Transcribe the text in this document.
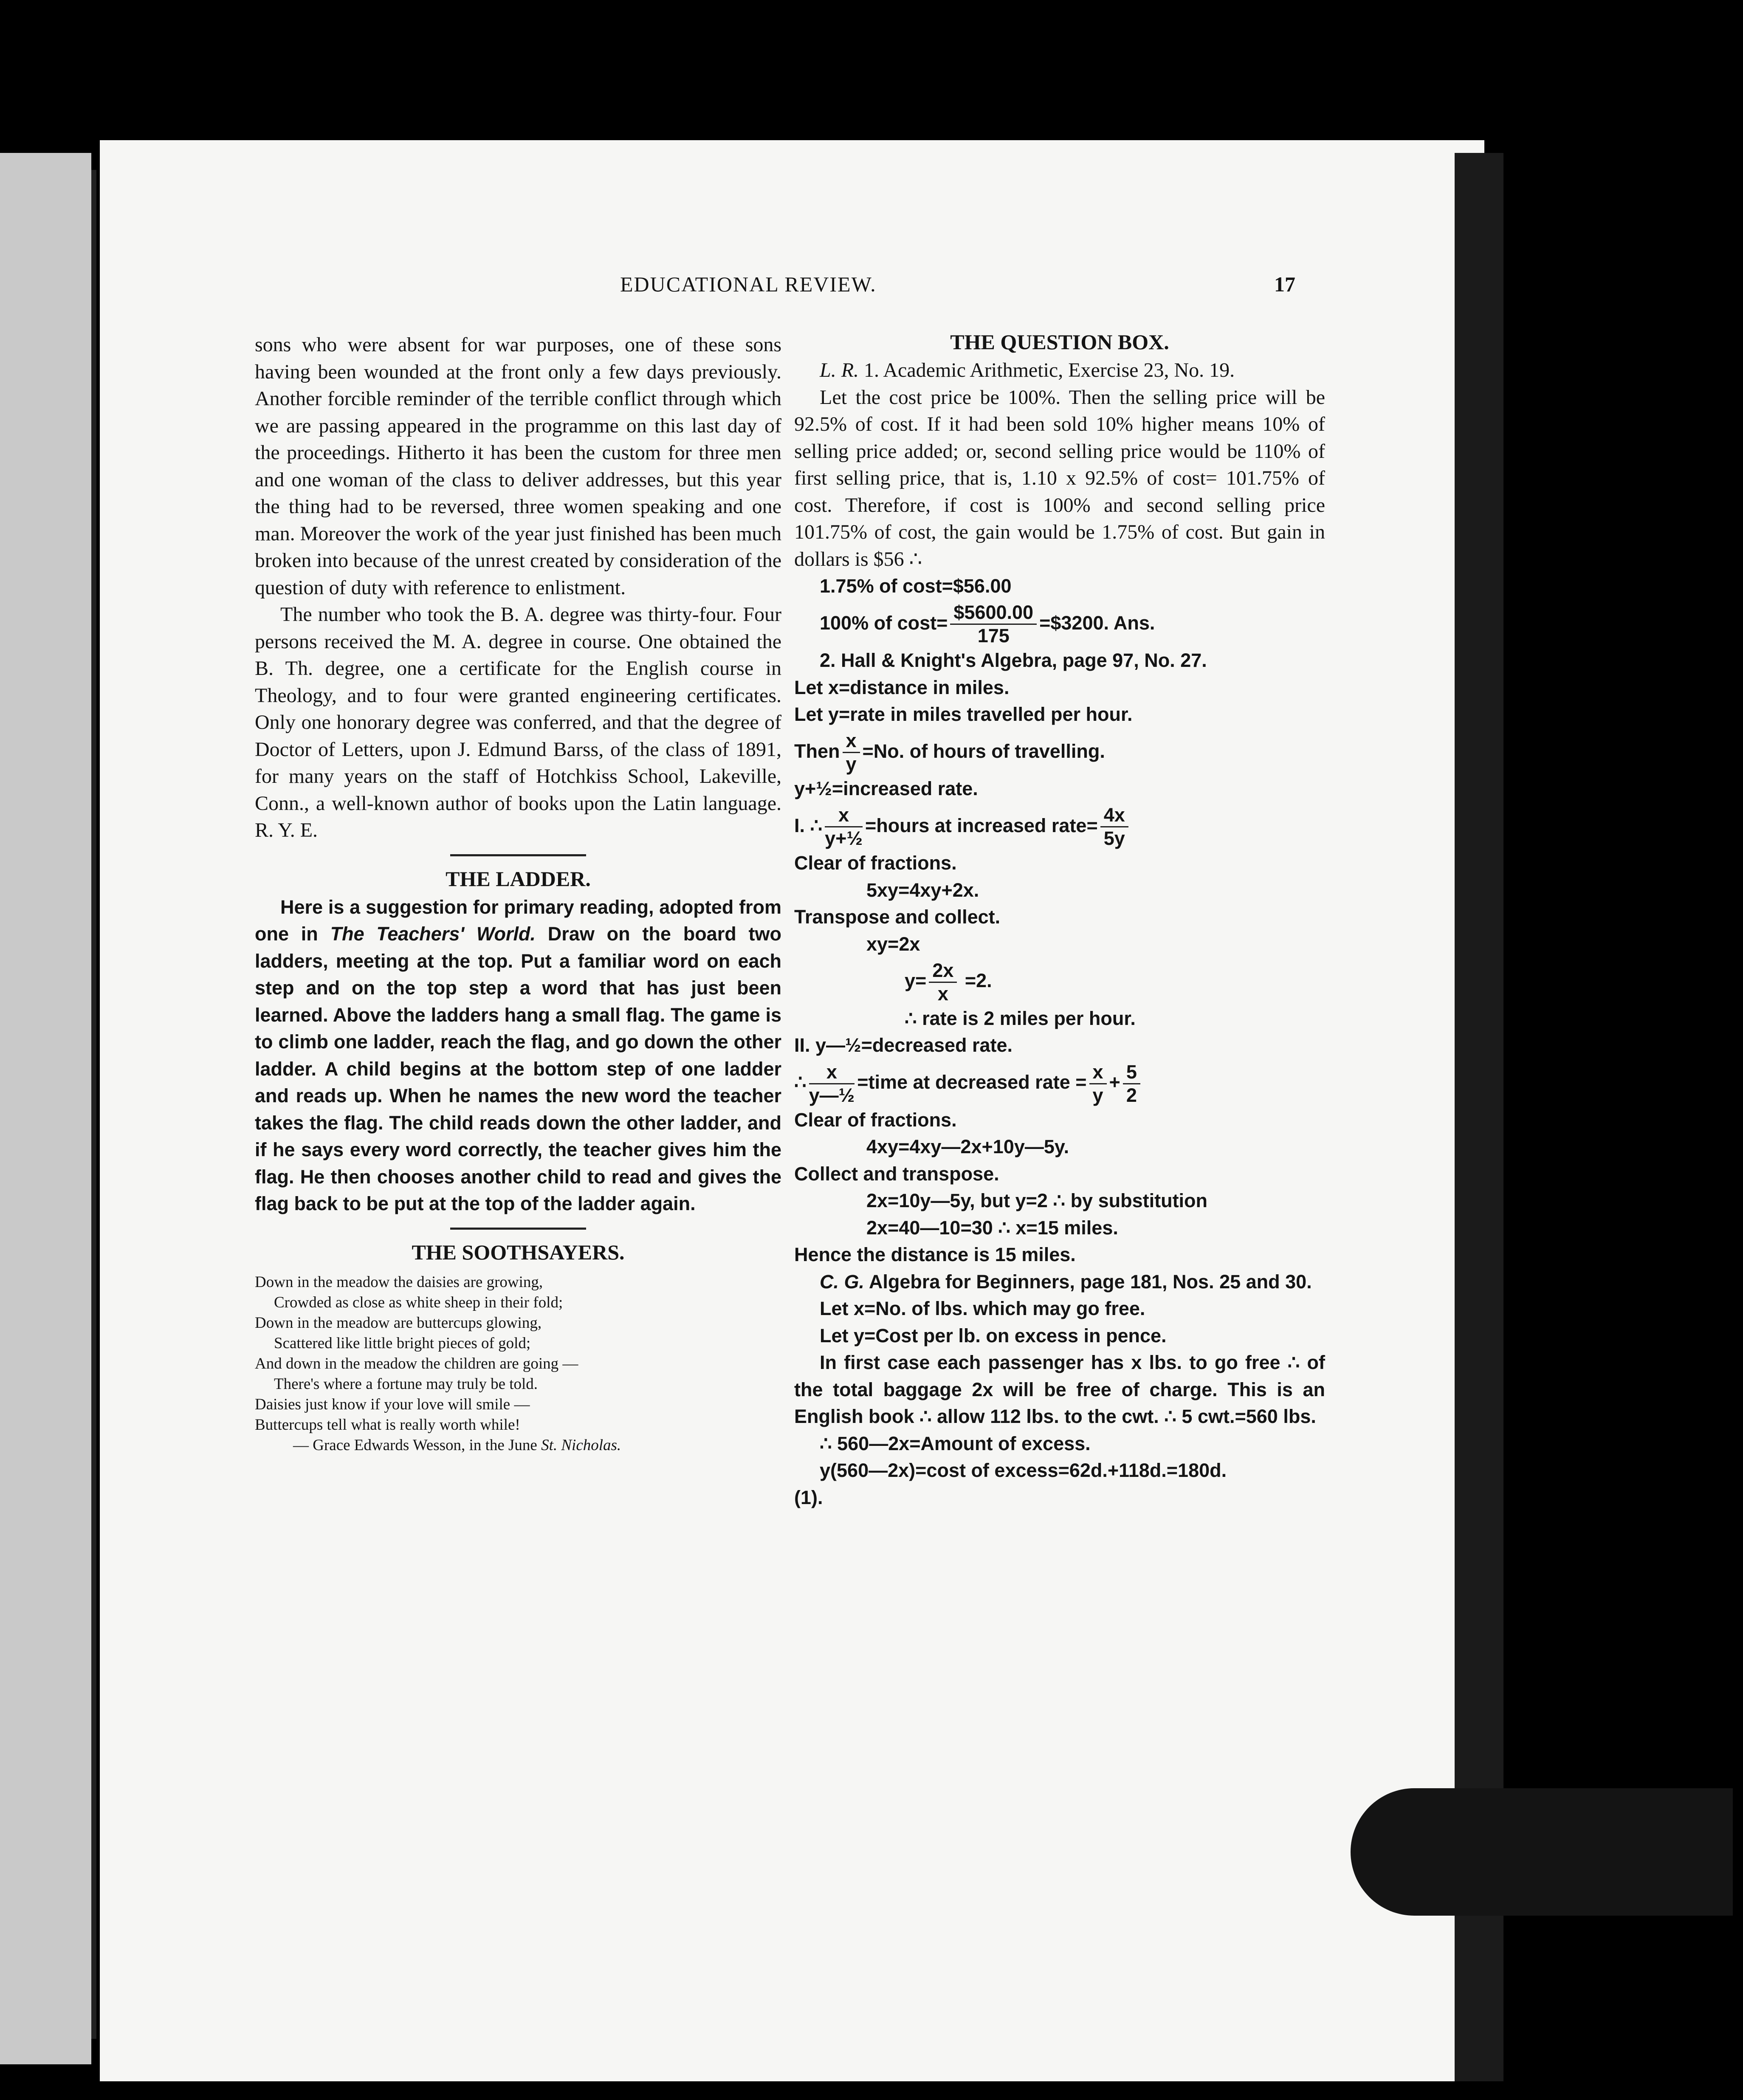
EDUCATIONAL REVIEW.	17

sons who were absent for war purposes, one of these sons having been wounded at the front only a few days previously. Another forcible reminder of the terrible conflict through which we are passing appeared in the programme on this last day of the proceedings. Hitherto it has been the custom for three men and one woman of the class to deliver addresses, but this year the thing had to be reversed, three women speaking and one man. Moreover the work of the year just finished has been much broken into because of the unrest created by consideration of the question of duty with reference to enlistment.

The number who took the B. A. degree was thirty-four. Four persons received the M. A. degree in course. One obtained the B. Th. degree, one a certificate for the English course in Theology, and to four were granted engineering certificates. Only one honorary degree was conferred, and that the degree of Doctor of Letters, upon J. Edmund Barss, of the class of 1891, for many years on the staff of Hotchkiss School, Lakeville, Conn., a well-known author of books upon the Latin language. R. Y. E.

THE LADDER.

Here is a suggestion for primary reading, adopted from one in The Teachers' World. Draw on the board two ladders, meeting at the top. Put a familiar word on each step and on the top step a word that has just been learned. Above the ladders hang a small flag. The game is to climb one ladder, reach the flag, and go down the other ladder. A child begins at the bottom step of one ladder and reads up. When he names the new word the teacher takes the flag. The child reads down the other ladder, and if he says every word correctly, the teacher gives him the flag. He then chooses another child to read and gives the flag back to be put at the top of the ladder again.

THE SOOTHSAYERS.
Down in the meadow the daisies are growing,
Crowded as close as white sheep in their fold;
Down in the meadow are buttercups glowing,
Scattered like little bright pieces of gold;
And down in the meadow the children are going —
There's where a fortune may truly be told.
Daisies just know if your love will smile —
Buttercups tell what is really worth while!
— Grace Edwards Wesson, in the June St. Nicholas.
THE QUESTION BOX.

L. R. 1. Academic Arithmetic, Exercise 23, No. 19.

Let the cost price be 100%. Then the selling price will be 92.5% of cost. If it had been sold 10% higher means 10% of selling price added; or, second selling price would be 110% of first selling price, that is, 1.10 x 92.5% of cost= 101.75% of cost. Therefore, if cost is 100% and second selling price 101.75% of cost, the gain would be 1.75% of cost. But gain in dollars is $56 ∴

1.75% of cost=$56.00
100% of $\cos t= \frac{\$5600.00}{175}$ =$3200. Ans.
2. Hall & Knight's Algebra, page 97, No. 27.
Let x=distance in miles.
Let y=rate in miles travelled per hour.
Then $\frac{x}{y} =No$. of hours of travelling.
y+½=increased rate.
I. ∴ $\frac{x}{\text{y+½}}$ =hours at increased rate= $\frac{4x}{5y}$
Clear of fractions.
5xy=4xy+2x.
Transpose and collect.
xy=2x
$y= \frac{2x}{x} =2$.
∴ rate is 2 miles per hour.
II. y—½=decreased rate.
∴ $\frac{x}{\text{y—½}}$ =time at decreased rate = $\frac{x}{y} + \frac{5}{2}$
Clear of fractions.
4xy=4xy—2x+10y—5y.
Collect and transpose.
2x=10y—5y, but y=2 ∴ by substitution
2x=40—10=30 ∴ x=15 miles.
Hence the distance is 15 miles.

C. G. Algebra for Beginners, page 181, Nos. 25 and 30.

Let x=No. of lbs. which may go free.

Let y=Cost per lb. on excess in pence.

In first case each passenger has x lbs. to go free ∴ of the total baggage 2x will be free of charge. This is an English book ∴ allow 112 lbs. to the cwt. ∴ 5 cwt.=560 lbs.

∴ 560—2x=Amount of excess.

y(560—2x)=cost of excess=62d.+118d.=180d.

(1).
